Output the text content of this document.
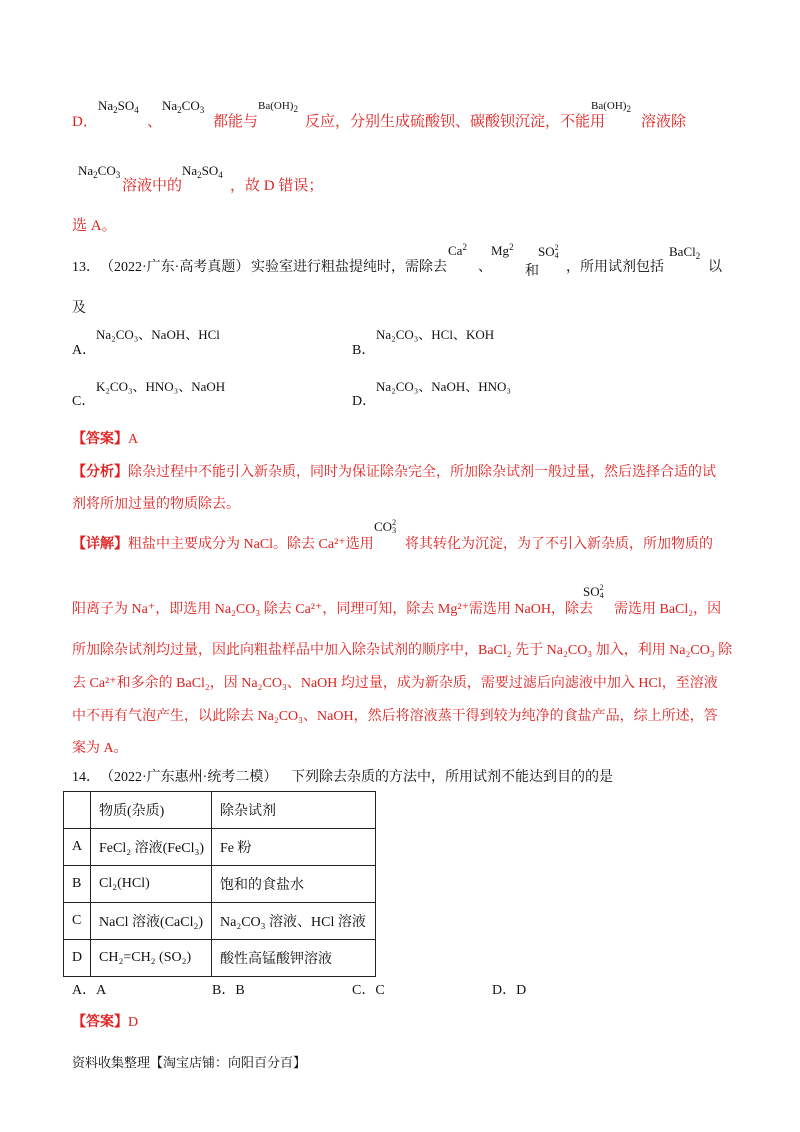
D．
$Na_2SO_4$
、
$Na_2CO_3$
都能与
$Ba(OH)_2$
反应，分别生成硫酸钡、碳酸钡沉淀，不能用
$Ba(OH)_2$
溶液除
$Na_2CO_3$
溶液中的
$Na_2SO_4$
，故 D 错误；
选 A。
13． （2022·广东·高考真题） 实验室进行粗盐提纯时，需除去
Ca$^2$
、
Mg$^2$
和
SO2
4
，所用试剂包括
BaCl$_2$
以
及
A．
Na₂CO₃、NaOH、HCl
B．
Na₂CO₃、HCl、KOH
C．
K₂CO₃、HNO₃、NaOH
D．
Na₂CO₃、NaOH、HNO₃
【答案】A
【分析】除杂过程中不能引入新杂质，同时为保证除杂完全，所加除杂试剂一般过量，然后选择合适的试
剂将所加过量的物质除去。
【详解】粗盐中主要成分为 NaCl。除去 Ca²⁺选用
CO2
3
将其转化为沉淀，为了不引入新杂质，所加物质的
阳离子为 Na⁺，即选用 Na₂CO₃ 除去 Ca²⁺，同理可知，除去 Mg²⁺需选用 NaOH，除去
SO2
4
需选用 BaCl₂，因
所加除杂试剂均过量，因此向粗盐样品中加入除杂试剂的顺序中，BaCl₂ 先于 Na₂CO₃ 加入，利用 Na₂CO₃ 除
去 Ca²⁺和多余的 BaCl₂，因 Na₂CO₃、NaOH 均过量，成为新杂质，需要过滤后向滤液中加入 HCl，至溶液
中不再有气泡产生，以此除去 Na₂CO₃、NaOH，然后将溶液蒸干得到较为纯净的食盐产品，综上所述，答
案为 A。
14． （2022·广东惠州·统考二模） 下列除去杂质的方法中，所用试剂不能达到目的的是
	物质(杂质)	除杂试剂
A	FeCl₂ 溶液(FeCl₃)	Fe 粉
B	Cl₂(HCl)	饱和的食盐水
C	NaCl 溶液(CaCl₂)	Na₂CO₃ 溶液、HCl 溶液
D	CH₂=CH₂ (SO₂)	酸性高锰酸钾溶液
A．A	B．B	C．C	D．D
【答案】D
资料收集整理【淘宝店铺：向阳百分百】
